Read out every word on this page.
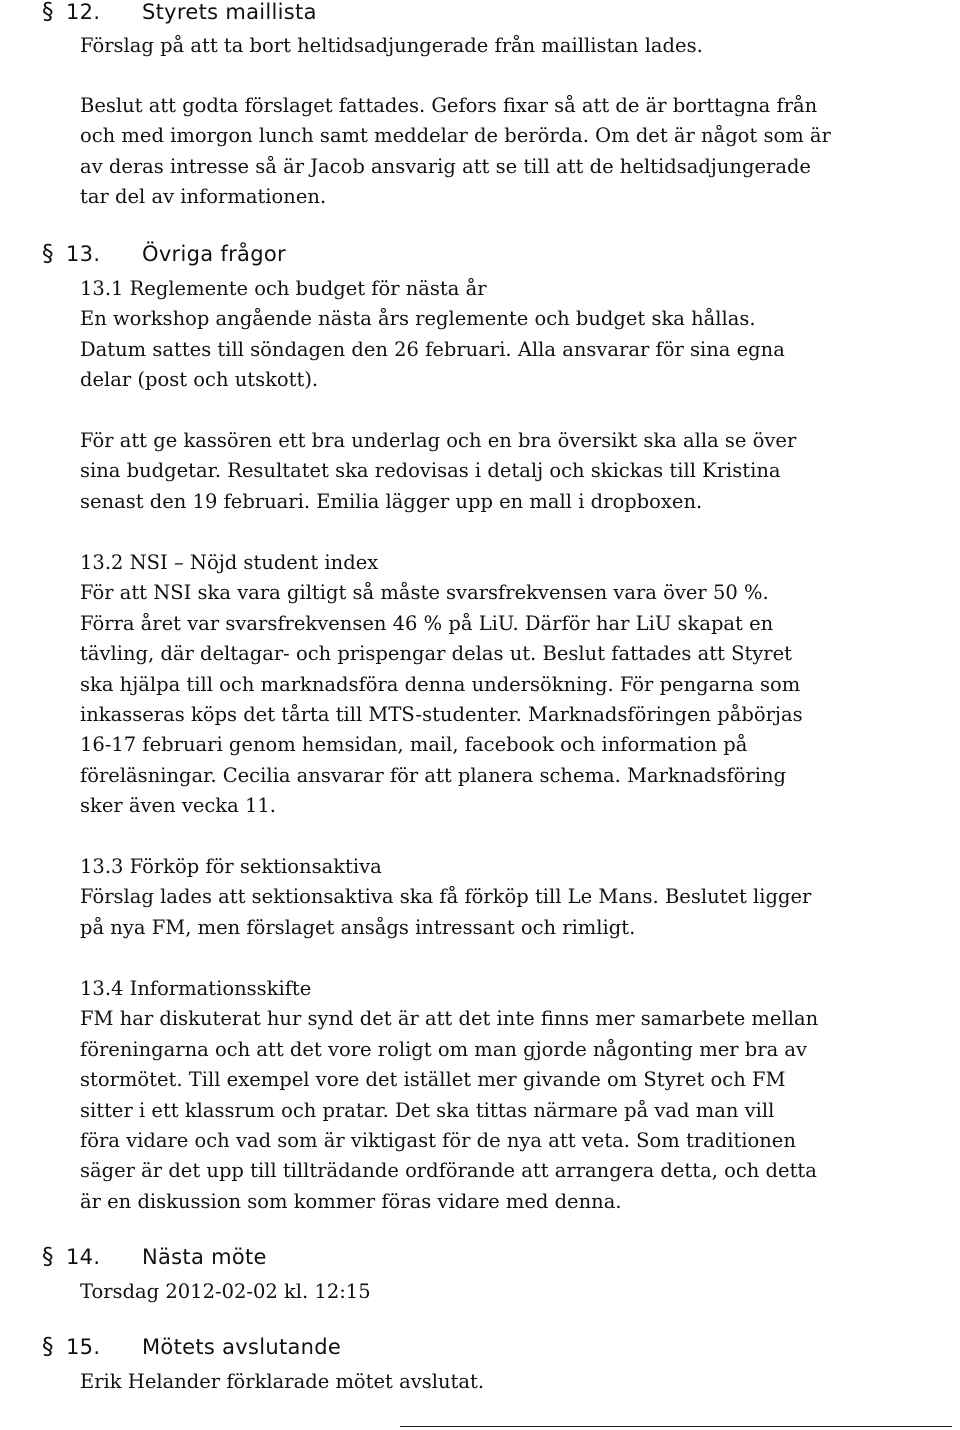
§ 12. Styrets maillista
Förslag på att ta bort heltidsadjungerade från maillistan lades.
Beslut att godta förslaget fattades. Gefors fixar så att de är borttagna från
och med imorgon lunch samt meddelar de berörda. Om det är något som är
av deras intresse så är Jacob ansvarig att se till att de heltidsadjungerade
tar del av informationen.
§ 13. Övriga frågor
13.1 Reglemente och budget för nästa år
En workshop angående nästa års reglemente och budget ska hållas.
Datum sattes till söndagen den 26 februari. Alla ansvarar för sina egna
delar (post och utskott).
För att ge kassören ett bra underlag och en bra översikt ska alla se över
sina budgetar. Resultatet ska redovisas i detalj och skickas till Kristina
senast den 19 februari. Emilia lägger upp en mall i dropboxen.
13.2 NSI – Nöjd student index
För att NSI ska vara giltigt så måste svarsfrekvensen vara över 50 %.
Förra året var svarsfrekvensen 46 % på LiU. Därför har LiU skapat en
tävling, där deltagar- och prispengar delas ut. Beslut fattades att Styret
ska hjälpa till och marknadsföra denna undersökning. För pengarna som
inkasseras köps det tårta till MTS-studenter. Marknadsföringen påbörjas
16-17 februari genom hemsidan, mail, facebook och information på
föreläsningar. Cecilia ansvarar för att planera schema. Marknadsföring
sker även vecka 11.
13.3 Förköp för sektionsaktiva
Förslag lades att sektionsaktiva ska få förköp till Le Mans. Beslutet ligger
på nya FM, men förslaget ansågs intressant och rimligt.
13.4 Informationsskifte
FM har diskuterat hur synd det är att det inte finns mer samarbete mellan
föreningarna och att det vore roligt om man gjorde någonting mer bra av
stormötet. Till exempel vore det istället mer givande om Styret och FM
sitter i ett klassrum och pratar. Det ska tittas närmare på vad man vill
föra vidare och vad som är viktigast för de nya att veta. Som traditionen
säger är det upp till tillträdande ordförande att arrangera detta, och detta
är en diskussion som kommer föras vidare med denna.
§ 14. Nästa möte
Torsdag 2012-02-02 kl. 12:15
§ 15. Mötets avslutande
Erik Helander förklarade mötet avslutat.
